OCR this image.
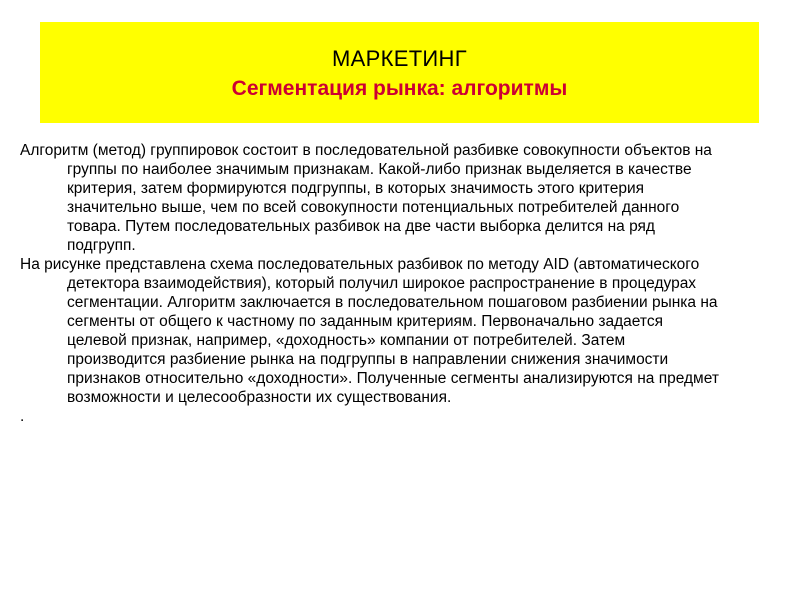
МАРКЕТИНГ
Сегментация рынка: алгоритмы

Алгоритм (метод) группировок состоит в последовательной разбивке совокупности объектов на группы по наиболее значимым признакам. Какой-либо признак выделяется в качестве критерия, затем формируются подгруппы, в которых значимость этого критерия значительно выше, чем по всей совокупности потенциальных потребителей данного товара. Путем последовательных разбивок на две части выборка делится на ряд подгрупп.

На рисунке представлена схема последовательных разбивок по методу AID (автоматического детектора взаимодействия), который получил широкое распространение в процедурах сегментации. Алгоритм заключается в последовательном пошаговом разбиении рынка на сегменты от общего к частному по заданным критериям. Первоначально задается целевой признак, например, «доходность» компании от потребителей. Затем производится разбиение рынка на подгруппы в направлении снижения значимости признаков относительно «доходности». Полученные сегменты анализируются на предмет возможности и целесообразности их существования.

.
